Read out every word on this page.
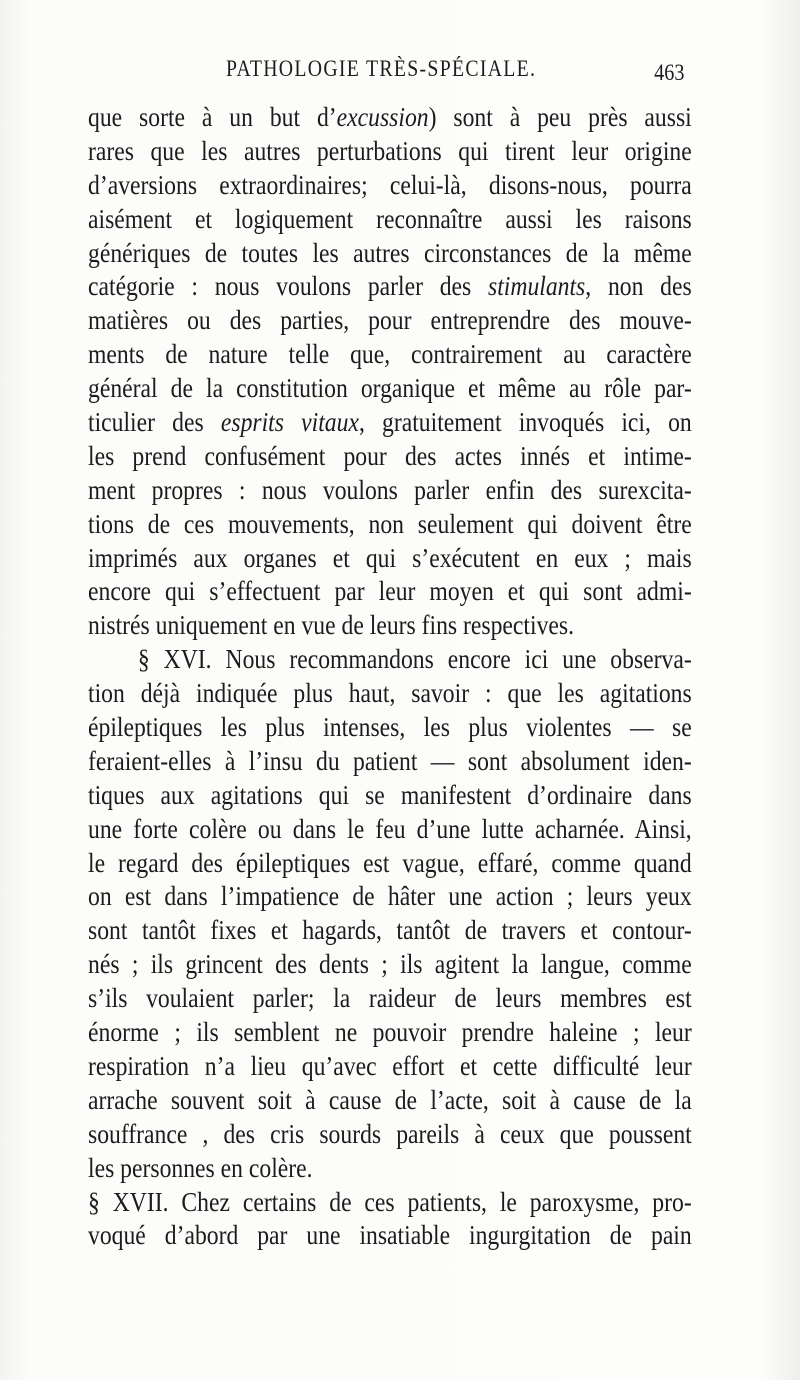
PATHOLOGIE TRÈS-SPÉCIALE.	463
que sorte à un but d’excussion) sont à peu près aussi
rares que les autres perturbations qui tirent leur origine
d’aversions extraordinaires; celui-là, disons-nous, pourra
aisément et logiquement reconnaître aussi les raisons
génériques de toutes les autres circonstances de la même
catégorie : nous voulons parler des stimulants, non des
matières ou des parties, pour entreprendre des mouve-
ments de nature telle que, contrairement au caractère
général de la constitution organique et même au rôle par-
ticulier des esprits vitaux, gratuitement invoqués ici, on
les prend confusément pour des actes innés et intime-
ment propres : nous voulons parler enfin des surexcita-
tions de ces mouvements, non seulement qui doivent être
imprimés aux organes et qui s’exécutent en eux ; mais
encore qui s’effectuent par leur moyen et qui sont admi-
nistrés uniquement en vue de leurs fins respectives.
§ XVI. Nous recommandons encore ici une observa-
tion déjà indiquée plus haut, savoir : que les agitations
épileptiques les plus intenses, les plus violentes — se
feraient-elles à l’insu du patient — sont absolument iden-
tiques aux agitations qui se manifestent d’ordinaire dans
une forte colère ou dans le feu d’une lutte acharnée. Ainsi,
le regard des épileptiques est vague, effaré, comme quand
on est dans l’impatience de hâter une action ; leurs yeux
sont tantôt fixes et hagards, tantôt de travers et contour-
nés ; ils grincent des dents ; ils agitent la langue, comme
s’ils voulaient parler; la raideur de leurs membres est
énorme ; ils semblent ne pouvoir prendre haleine ; leur
respiration n’a lieu qu’avec effort et cette difficulté leur
arrache souvent soit à cause de l’acte, soit à cause de la
souffrance , des cris sourds pareils à ceux que poussent
les personnes en colère.
§ XVII. Chez certains de ces patients, le paroxysme, pro-
voqué d’abord par une insatiable ingurgitation de pain
